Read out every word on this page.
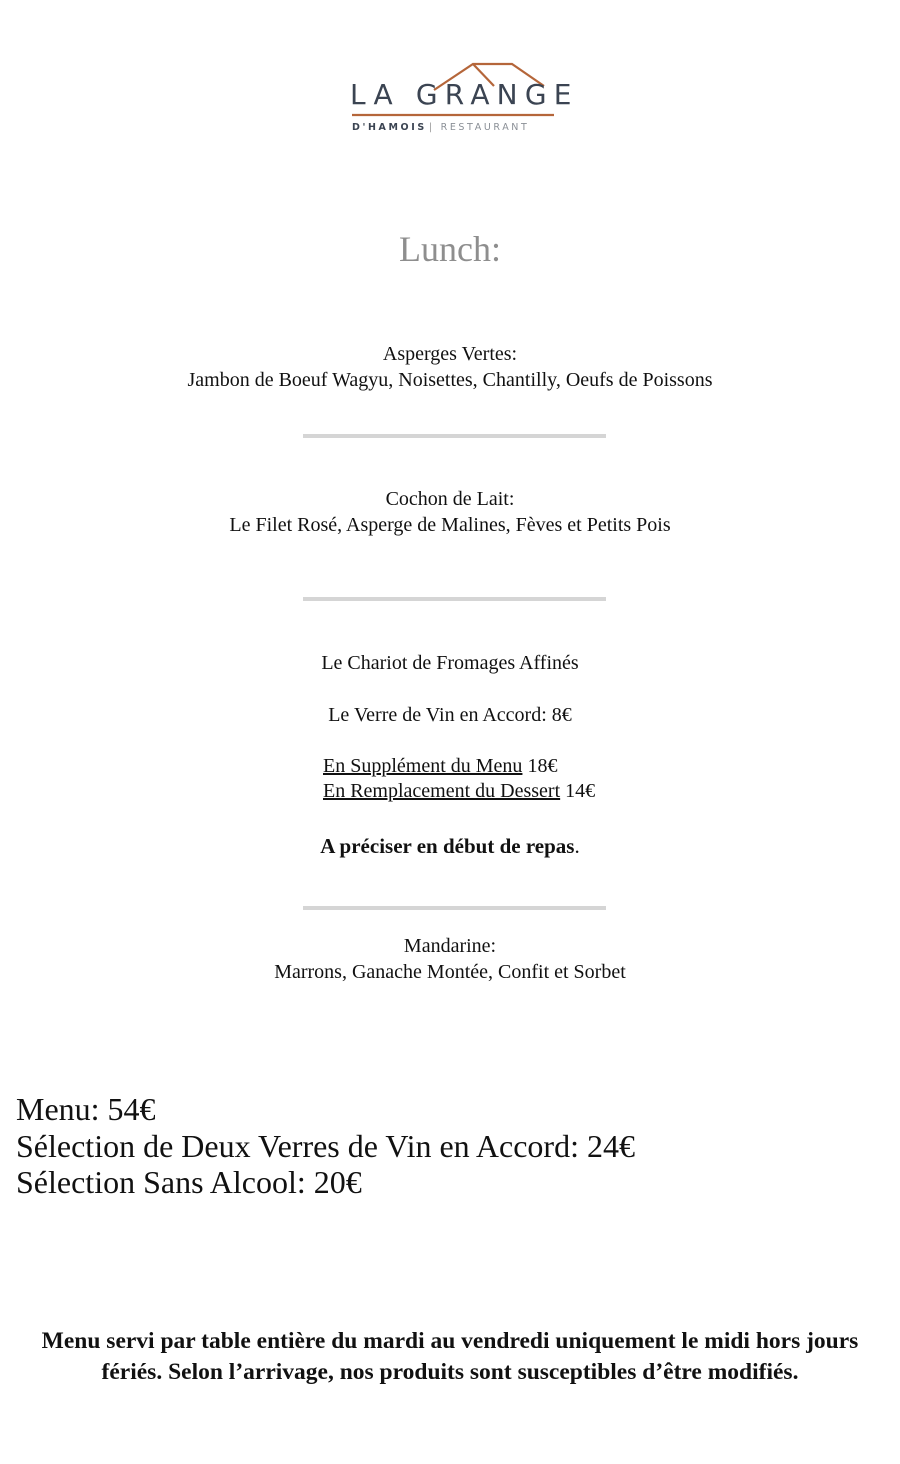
LA GRANGE
D'HAMOIS | RESTAURANT
Lunch:

Asperges Vertes:

Jambon de Boeuf Wagyu, Noisettes, Chantilly, Oeufs de Poissons

Cochon de Lait:

Le Filet Rosé, Asperge de Malines, Fèves et Petits Pois

Le Chariot de Fromages Affinés

Le Verre de Vin en Accord: 8€

En Supplément du Menu 18€

En Remplacement du Dessert 14€

A préciser en début de repas.

Mandarine:

Marrons, Ganache Montée, Confit et Sorbet

Menu: 54€

Sélection de Deux Verres de Vin en Accord: 24€

Sélection Sans Alcool: 20€

Menu servi par table entière du mardi au vendredi uniquement le midi hors jours fériés. Selon l’arrivage, nos produits sont susceptibles d’être modifiés.
